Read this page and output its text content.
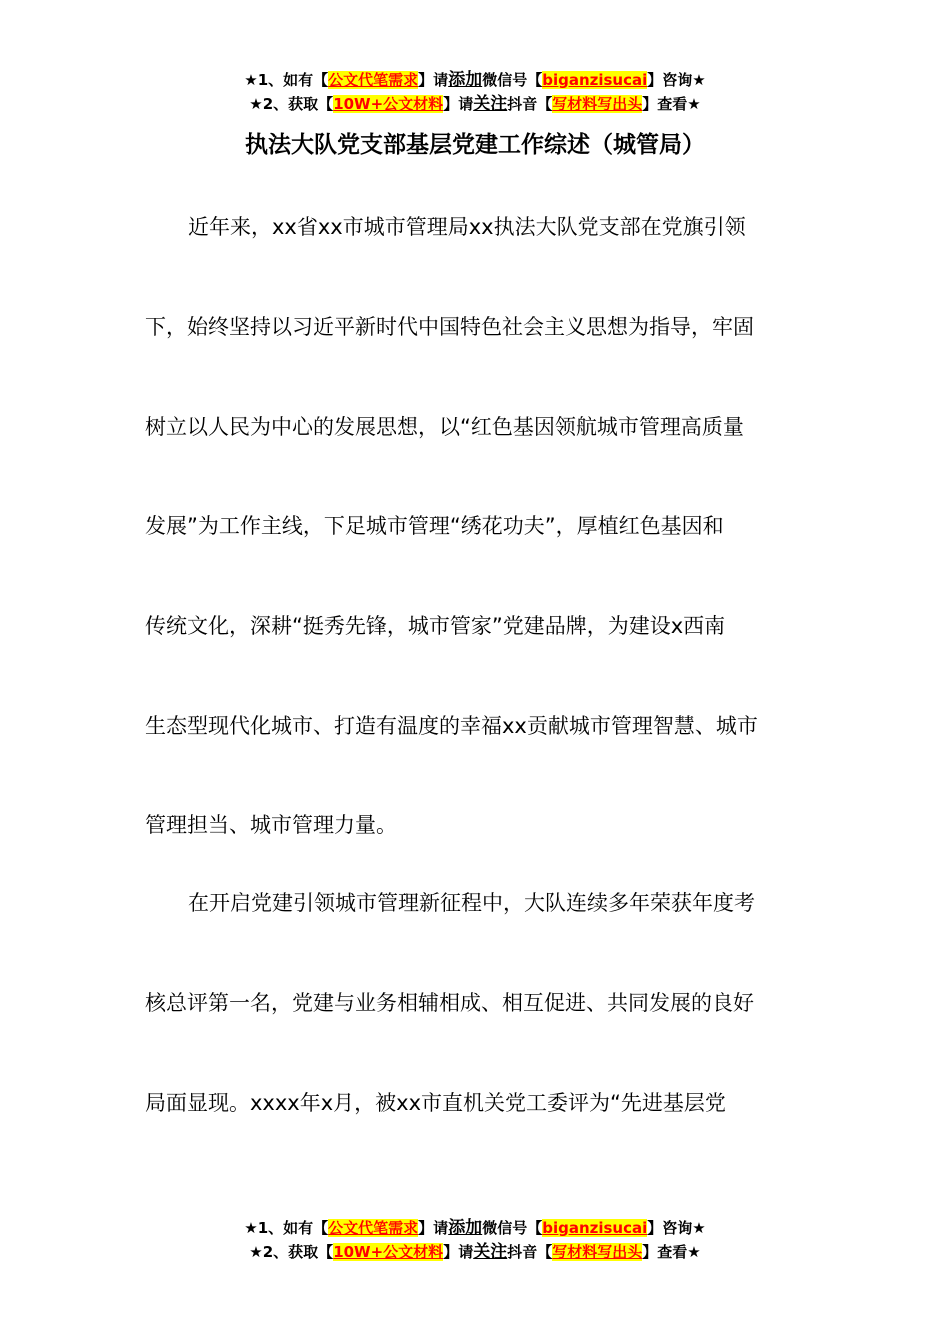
★1、如有【公文代笔需求】请添加微信号【biganzisucai】咨询★
★2、获取【10W+公文材料】请关注抖音【写材料写出头】查看★
执法大队党支部基层党建工作综述（城管局）
近年来，xx省xx市城市管理局xx执法大队党支部在党旗引领
下，始终坚持以习近平新时代中国特色社会主义思想为指导，牢固
树立以人民为中心的发展思想，以“红色基因领航城市管理高质量
发展”为工作主线，下足城市管理“绣花功夫”，厚植红色基因和
传统文化，深耕“挺秀先锋，城市管家”党建品牌，为建设x西南
生态型现代化城市、打造有温度的幸福xx贡献城市管理智慧、城市
管理担当、城市管理力量。
在开启党建引领城市管理新征程中，大队连续多年荣获年度考
核总评第一名，党建与业务相辅相成、相互促进、共同发展的良好
局面显现。xxxx年x月，被xx市直机关党工委评为“先进基层党
★1、如有【公文代笔需求】请添加微信号【biganzisucai】咨询★
★2、获取【10W+公文材料】请关注抖音【写材料写出头】查看★
